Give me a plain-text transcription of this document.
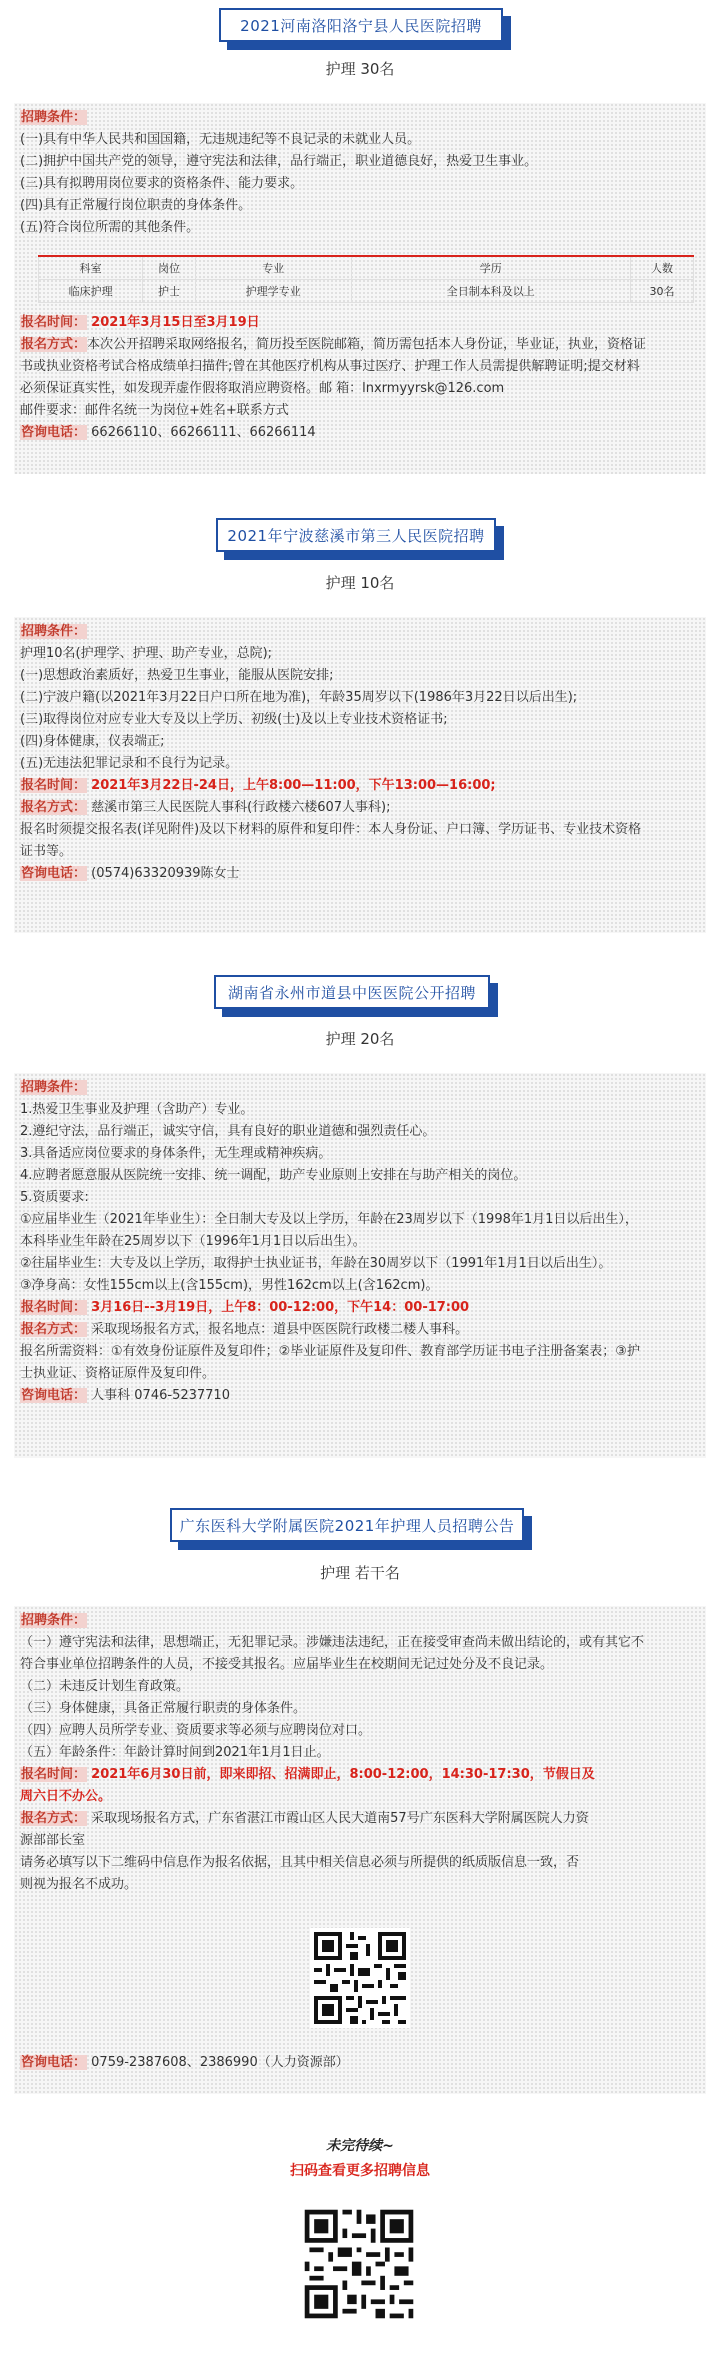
2021河南洛阳洛宁县人民医院招聘
护理 30名
招聘条件：
(一)具有中华人民共和国国籍，无违规违纪等不良记录的未就业人员。
(二)拥护中国共产党的领导，遵守宪法和法律，品行端正，职业道德良好，热爱卫生事业。
(三)具有拟聘用岗位要求的资格条件、能力要求。
(四)具有正常履行岗位职责的身体条件。
(五)符合岗位所需的其他条件。
科室	岗位	专业	学历	人数
临床护理	护士	护理学专业	全日制本科及以上	30名
报名时间： 2021年3月15日至3月19日
报名方式：本次公开招聘采取网络报名，简历投至医院邮箱，简历需包括本人身份证，毕业证，执业，资格证
书或执业资格考试合格成绩单扫描件;曾在其他医疗机构从事过医疗、护理工作人员需提供解聘证明;提交材料
必须保证真实性，如发现弄虚作假将取消应聘资格。邮 箱：lnxrmyyrsk@126.com
邮件要求：邮件名统一为岗位+姓名+联系方式
咨询电话： 66266110、66266111、66266114
2021年宁波慈溪市第三人民医院招聘
护理 10名
招聘条件：
护理10名(护理学、护理、助产专业，总院);
(一)思想政治素质好，热爱卫生事业，能服从医院安排;
(二)宁波户籍(以2021年3月22日户口所在地为准)，年龄35周岁以下(1986年3月22日以后出生);
(三)取得岗位对应专业大专及以上学历、初级(士)及以上专业技术资格证书;
(四)身体健康，仪表端正;
(五)无违法犯罪记录和不良行为记录。
报名时间： 2021年3月22日-24日，上午8:00—11:00，下午13:00—16:00;
报名方式： 慈溪市第三人民医院人事科(行政楼六楼607人事科);
报名时须提交报名表(详见附件)及以下材料的原件和复印件：本人身份证、户口簿、学历证书、专业技术资格
证书等。
咨询电话： (0574)63320939陈女士
湖南省永州市道县中医医院公开招聘
护理 20名
招聘条件：
1.热爱卫生事业及护理（含助产）专业。
2.遵纪守法，品行端正，诚实守信，具有良好的职业道德和强烈责任心。
3.具备适应岗位要求的身体条件，无生理或精神疾病。
4.应聘者愿意服从医院统一安排、统一调配，助产专业原则上安排在与助产相关的岗位。
5.资质要求:
①应届毕业生（2021年毕业生）：全日制大专及以上学历，年龄在23周岁以下（1998年1月1日以后出生），
本科毕业生年龄在25周岁以下（1996年1月1日以后出生）。
②往届毕业生：大专及以上学历，取得护士执业证书，年龄在30周岁以下（1991年1月1日以后出生）。
③净身高：女性155cm以上(含155cm)，男性162cm以上(含162cm)。
报名时间： 3月16日--3月19日，上午8：00-12:00，下午14：00-17:00
报名方式： 采取现场报名方式，报名地点：道县中医医院行政楼二楼人事科。
报名所需资料：①有效身份证原件及复印件；②毕业证原件及复印件、教育部学历证书电子注册备案表；③护
士执业证、资格证原件及复印件。
咨询电话： 人事科 0746-5237710
广东医科大学附属医院2021年护理人员招聘公告
护理 若干名
招聘条件：
（一）遵守宪法和法律，思想端正，无犯罪记录。涉嫌违法违纪，正在接受审查尚未做出结论的，或有其它不
符合事业单位招聘条件的人员，不接受其报名。应届毕业生在校期间无记过处分及不良记录。
（二）未违反计划生育政策。
（三）身体健康，具备正常履行职责的身体条件。
（四）应聘人员所学专业、资质要求等必须与应聘岗位对口。
（五）年龄条件：年龄计算时间到2021年1月1日止。
报名时间： 2021年6月30日前，即来即招、招满即止，8:00-12:00，14:30-17:30，节假日及
周六日不办公。
报名方式： 采取现场报名方式，广东省湛江市霞山区人民大道南57号广东医科大学附属医院人力资
源部部长室
请务必填写以下二维码中信息作为报名依据，且其中相关信息必须与所提供的纸质版信息一致，否
则视为报名不成功。
咨询电话： 0759-2387608、2386990（人力资源部）
未完待续~
扫码查看更多招聘信息
